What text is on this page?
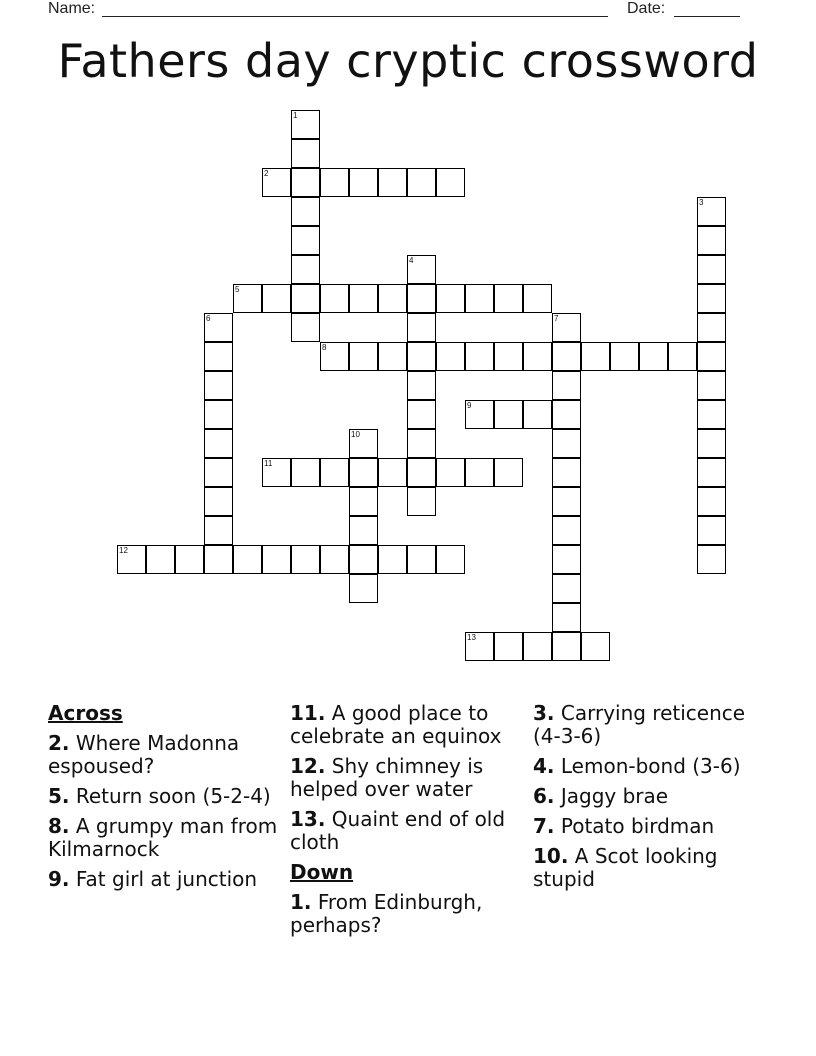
Name:	Date:
Fathers day cryptic crossword
1
2
3
4
5
6	7
8
9
10
11
12
13
Across
2. Where Madonna espoused?
5. Return soon (5-2-4)
8. A grumpy man from Kilmarnock
9. Fat girl at junction
11. A good place to celebrate an equinox
12. Shy chimney is helped over water
13. Quaint end of old cloth
Down
1. From Edinburgh, perhaps?
3. Carrying reticence (4-3-6)
4. Lemon-bond (3-6)
6. Jaggy brae
7. Potato birdman
10. A Scot looking stupid
